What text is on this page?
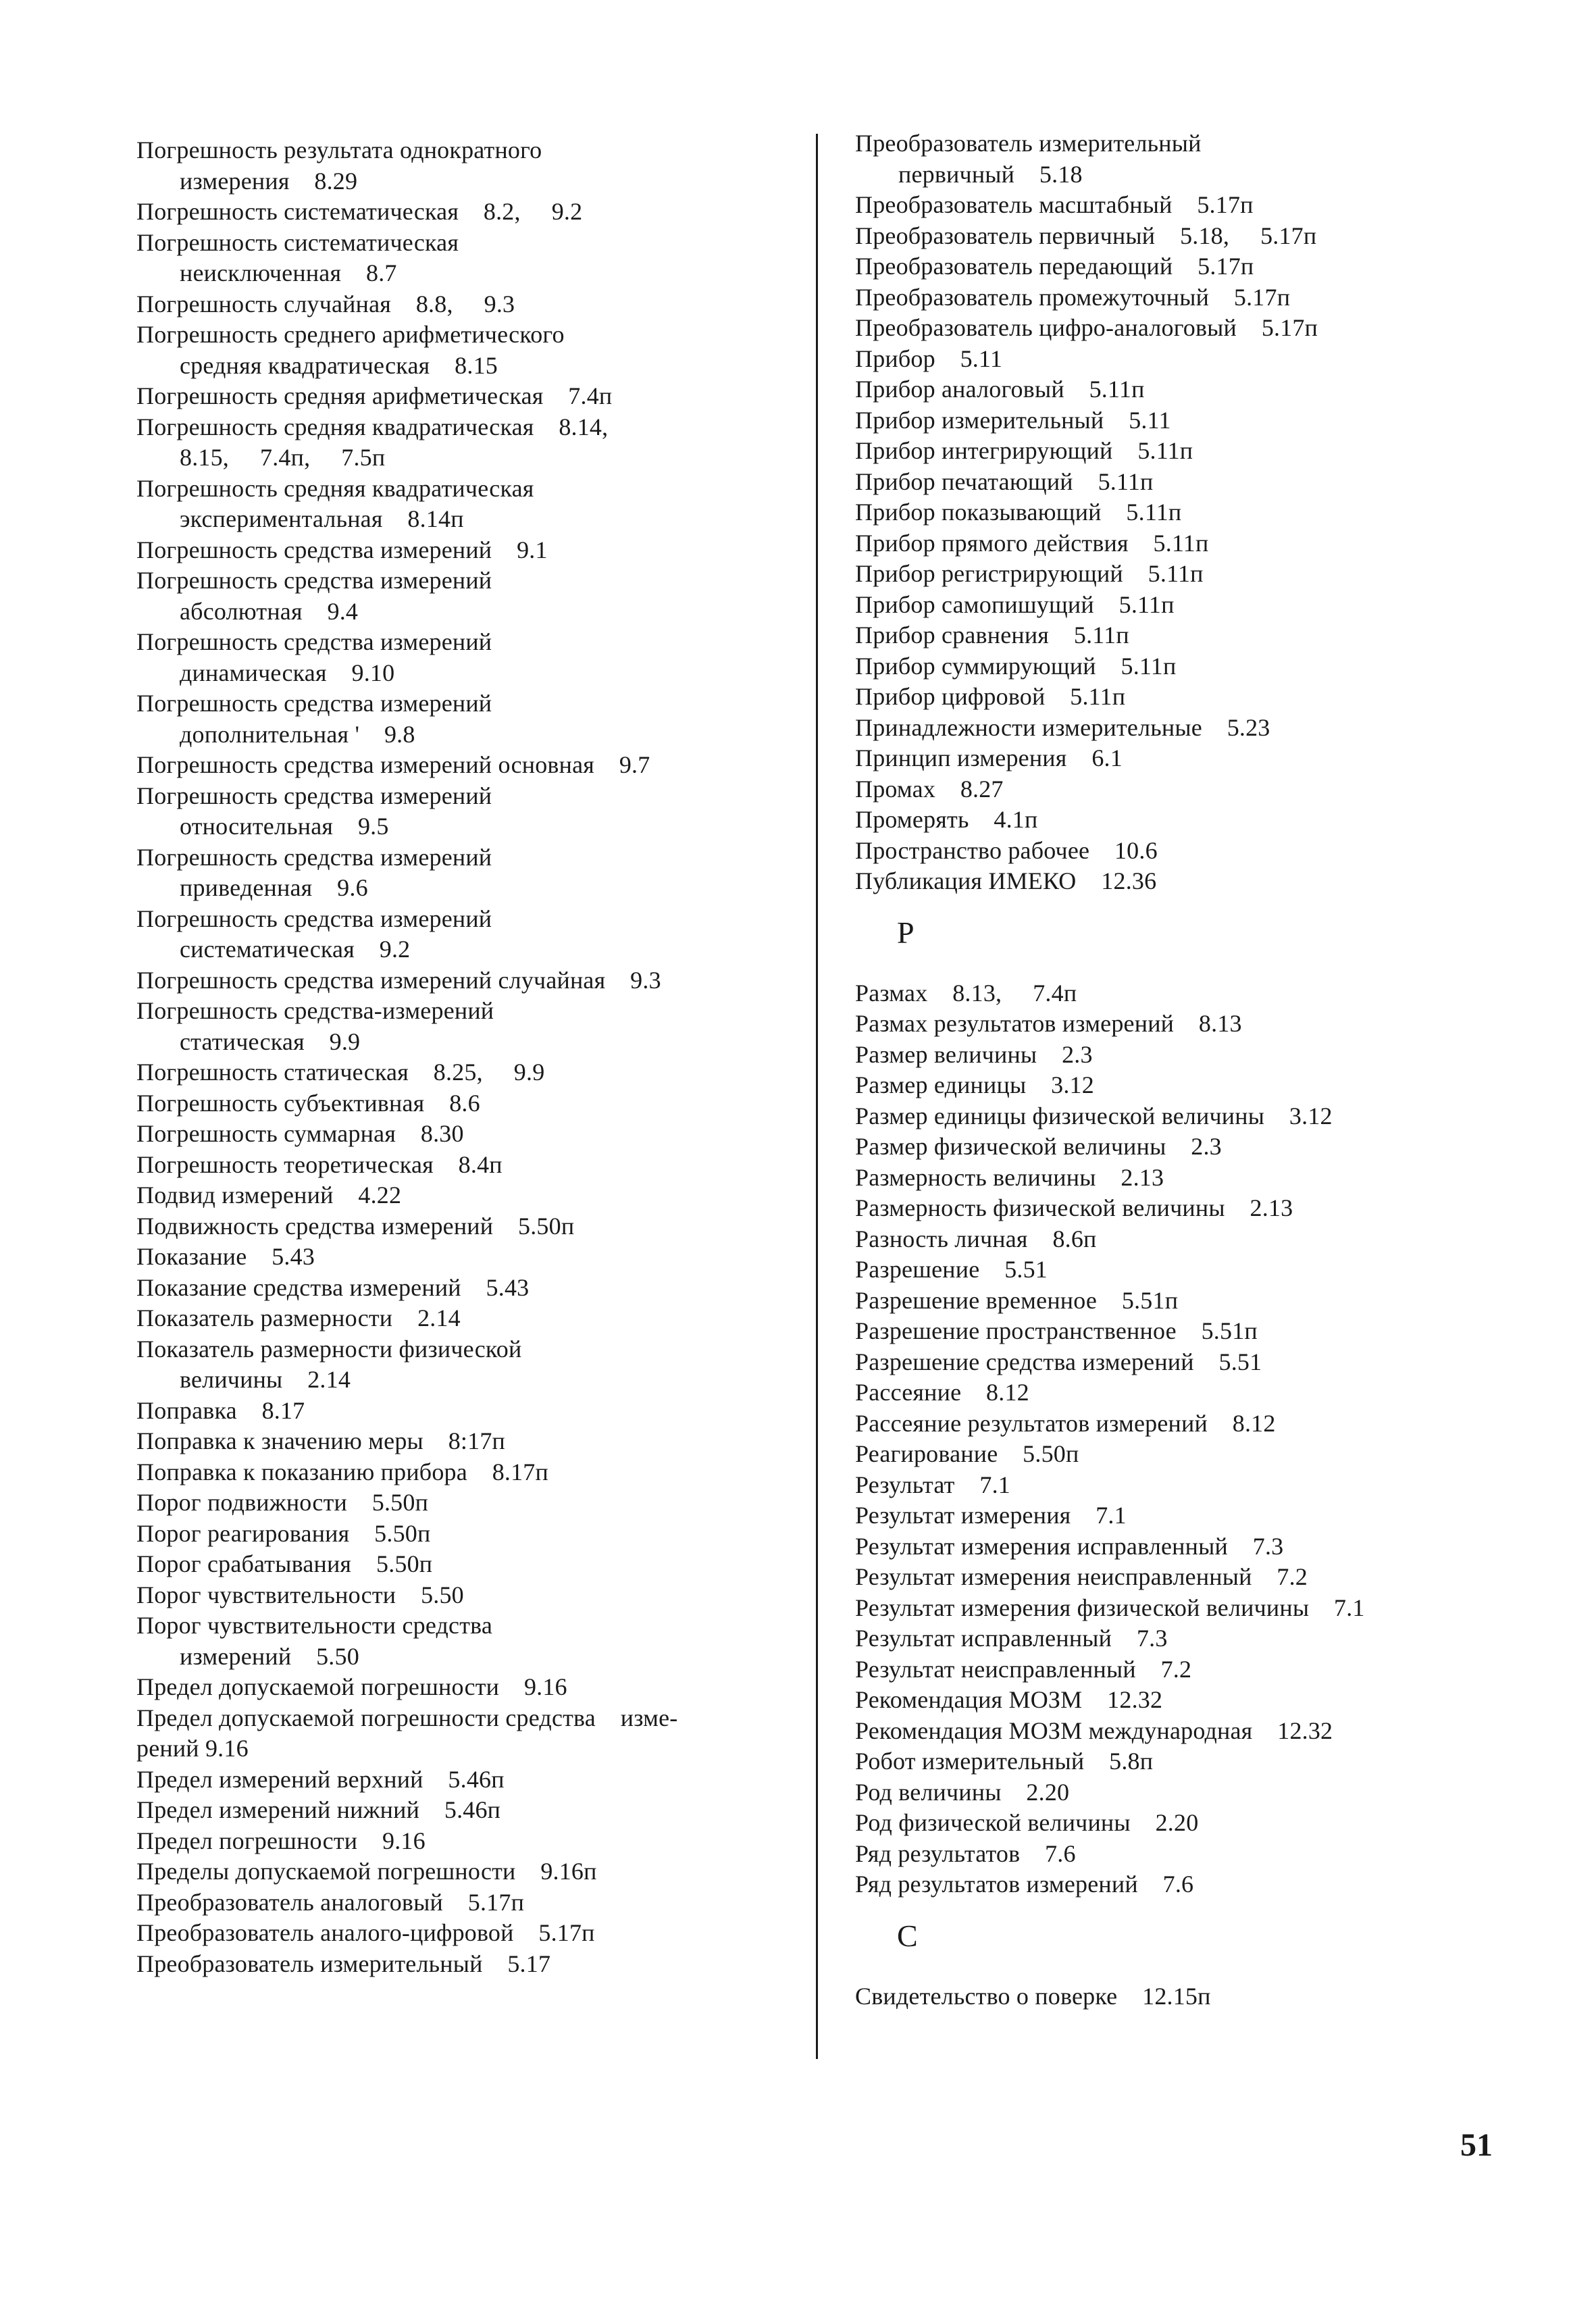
Погрешность результата однократного
измерения    8.29
Погрешность систематическая    8.2,     9.2
Погрешность систематическая
неисключенная    8.7
Погрешность случайная    8.8,     9.3
Погрешность среднего арифметического
средняя квадратическая    8.15
Погрешность средняя арифметическая    7.4п
Погрешность средняя квадратическая    8.14,
8.15,     7.4п,     7.5п
Погрешность средняя квадратическая
экспериментальная    8.14п
Погрешность средства измерений    9.1
Погрешность средства измерений
абсолютная    9.4
Погрешность средства измерений
динамическая    9.10
Погрешность средства измерений
дополнительная '    9.8
Погрешность средства измерений основная    9.7
Погрешность средства измерений
относительная    9.5
Погрешность средства измерений
приведенная    9.6
Погрешность средства измерений
систематическая    9.2
Погрешность средства измерений случайная    9.3
Погрешность средства-измерений
статическая    9.9
Погрешность статическая    8.25,     9.9
Погрешность субъективная    8.6
Погрешность суммарная    8.30
Погрешность теоретическая    8.4п
Подвид измерений    4.22
Подвижность средства измерений    5.50п
Показание    5.43
Показание средства измерений    5.43
Показатель размерности    2.14
Показатель размерности физической
величины    2.14
Поправка    8.17
Поправка к значению меры    8:17п
Поправка к показанию прибора    8.17п
Порог подвижности    5.50п
Порог реагирования    5.50п
Порог срабатывания    5.50п
Порог чувствительности    5.50
Порог чувствительности средства
измерений    5.50
Предел допускаемой погрешности    9.16
Предел допускаемой погрешности средства    изме-
рений 9.16
Предел измерений верхний    5.46п
Предел измерений нижний    5.46п
Предел погрешности    9.16
Пределы допускаемой погрешности    9.16п
Преобразователь аналоговый    5.17п
Преобразователь аналого-цифровой    5.17п
Преобразователь измерительный    5.17
Преобразователь измерительный
первичный    5.18
Преобразователь масштабный    5.17п
Преобразователь первичный    5.18,     5.17п
Преобразователь передающий    5.17п
Преобразователь промежуточный    5.17п
Преобразователь цифро-аналоговый    5.17п
Прибор    5.11
Прибор аналоговый    5.11п
Прибор измерительный    5.11
Прибор интегрирующий    5.11п
Прибор печатающий    5.11п
Прибор показывающий    5.11п
Прибор прямого действия    5.11п
Прибор регистрирующий    5.11п
Прибор самопишущий    5.11п
Прибор сравнения    5.11п
Прибор суммирующий    5.11п
Прибор цифровой    5.11п
Принадлежности измерительные    5.23
Принцип измерения    6.1
Промах    8.27
Промерять    4.1п
Пространство рабочее    10.6
Публикация ИМЕКО    12.36
Р
Размах    8.13,     7.4п
Размах результатов измерений    8.13
Размер величины    2.3
Размер единицы    3.12
Размер единицы физической величины    3.12
Размер физической величины    2.3
Размерность величины    2.13
Размерность физической величины    2.13
Разность личная    8.6п
Разрешение    5.51
Разрешение временное    5.51п
Разрешение пространственное    5.51п
Разрешение средства измерений    5.51
Рассеяние    8.12
Рассеяние результатов измерений    8.12
Реагирование    5.50п
Результат    7.1
Результат измерения    7.1
Результат измерения исправленный    7.3
Результат измерения неисправленный    7.2
Результат измерения физической величины    7.1
Результат исправленный    7.3
Результат неисправленный    7.2
Рекомендация МОЗМ    12.32
Рекомендация МОЗМ международная    12.32
Робот измерительный    5.8п
Род величины    2.20
Род физической величины    2.20
Ряд результатов    7.6
Ряд результатов измерений    7.6
С
Свидетельство о поверке    12.15п
51
